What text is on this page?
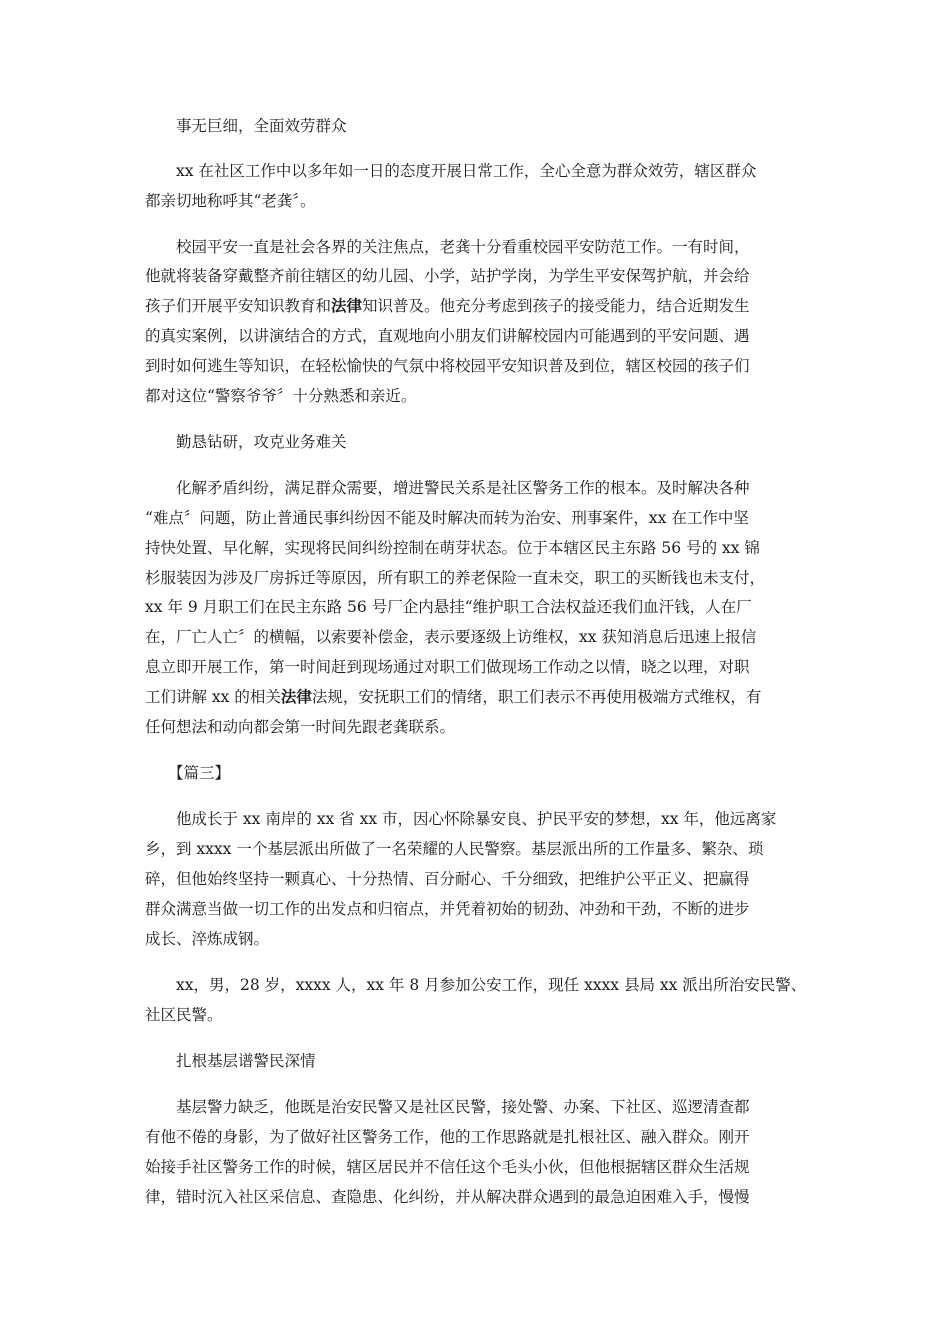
事无巨细，全面效劳群众

xx 在社区工作中以多年如一日的态度开展日常工作，全心全意为群众效劳，辖区群众

都亲切地称呼其“老龚〞。

校园平安一直是社会各界的关注焦点，老龚十分看重校园平安防范工作。一有时间，

他就将装备穿戴整齐前往辖区的幼儿园、小学，站护学岗，为学生平安保驾护航，并会给

孩子们开展平安知识教育和法律知识普及。他充分考虑到孩子的接受能力，结合近期发生

的真实案例，以讲演结合的方式，直观地向小朋友们讲解校园内可能遇到的平安问题、遇

到时如何逃生等知识，在轻松愉快的气氛中将校园平安知识普及到位，辖区校园的孩子们

都对这位“警察爷爷〞十分熟悉和亲近。

勤恳钻研，攻克业务难关

化解矛盾纠纷，满足群众需要，增进警民关系是社区警务工作的根本。及时解决各种

“难点〞问题，防止普通民事纠纷因不能及时解决而转为治安、刑事案件，xx 在工作中坚

持快处置、早化解，实现将民间纠纷控制在萌芽状态。位于本辖区民主东路 56 号的 xx 锦

杉服装因为涉及厂房拆迁等原因，所有职工的养老保险一直未交，职工的买断钱也未支付，

xx 年 9 月职工们在民主东路 56 号厂企内悬挂“维护职工合法权益还我们血汗钱，人在厂

在，厂亡人亡〞的横幅，以索要补偿金，表示要逐级上访维权，xx 获知消息后迅速上报信

息立即开展工作，第一时间赶到现场通过对职工们做现场工作动之以情，晓之以理，对职

工们讲解 xx 的相关法律法规，安抚职工们的情绪，职工们表示不再使用极端方式维权，有

任何想法和动向都会第一时间先跟老龚联系。

【篇三】

他成长于 xx 南岸的 xx 省 xx 市，因心怀除暴安良、护民平安的梦想，xx 年，他远离家

乡，到 xxxx 一个基层派出所做了一名荣耀的人民警察。基层派出所的工作量多、繁杂、琐

碎，但他始终坚持一颗真心、十分热情、百分耐心、千分细致，把维护公平正义、把赢得

群众满意当做一切工作的出发点和归宿点，并凭着初始的韧劲、冲劲和干劲，不断的进步

成长、淬炼成钢。

xx，男，28 岁，xxxx 人，xx 年 8 月参加公安工作，现任 xxxx 县局 xx 派出所治安民警、

社区民警。

扎根基层谱警民深情

基层警力缺乏，他既是治安民警又是社区民警，接处警、办案、下社区、巡逻清查都

有他不倦的身影，为了做好社区警务工作，他的工作思路就是扎根社区、融入群众。刚开

始接手社区警务工作的时候，辖区居民并不信任这个毛头小伙，但他根据辖区群众生活规

律，错时沉入社区采信息、查隐患、化纠纷，并从解决群众遇到的最急迫困难入手，慢慢
